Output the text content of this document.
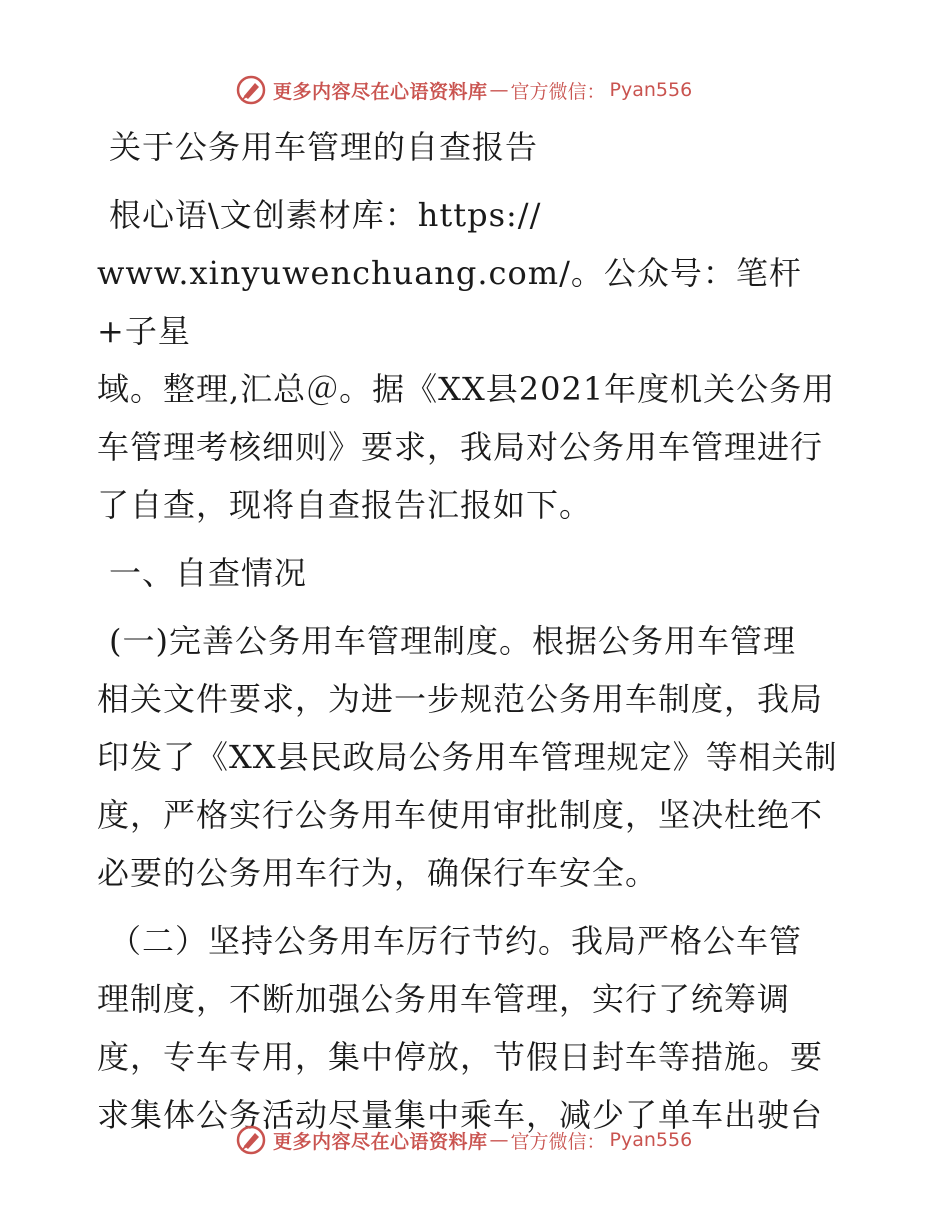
更多内容尽在心语资料库 — 官方微信： Pyan556

关于公务用车管理的自查报告

根心语\文创素材库：https://
www.xinyuwenchuang.com/。公众号：笔杆+子星
域。整理,汇总＠。据《XX县2021年度机关公务用
车管理考核细则》要求，我局对公务用车管理进行
了自查，现将自查报告汇报如下。

一、自查情况

(一)完善公务用车管理制度。根据公务用车管理
相关文件要求，为进一步规范公务用车制度，我局
印发了《XX县民政局公务用车管理规定》等相关制
度，严格实行公务用车使用审批制度，坚决杜绝不
必要的公务用车行为，确保行车安全。

（二）坚持公务用车厉行节约。我局严格公车管
理制度，不断加强公务用车管理，实行了统筹调
度，专车专用，集中停放，节假日封车等措施。要
求集体公务活动尽量集中乘车，减少了单车出驶台

更多内容尽在心语资料库 — 官方微信： Pyan556
